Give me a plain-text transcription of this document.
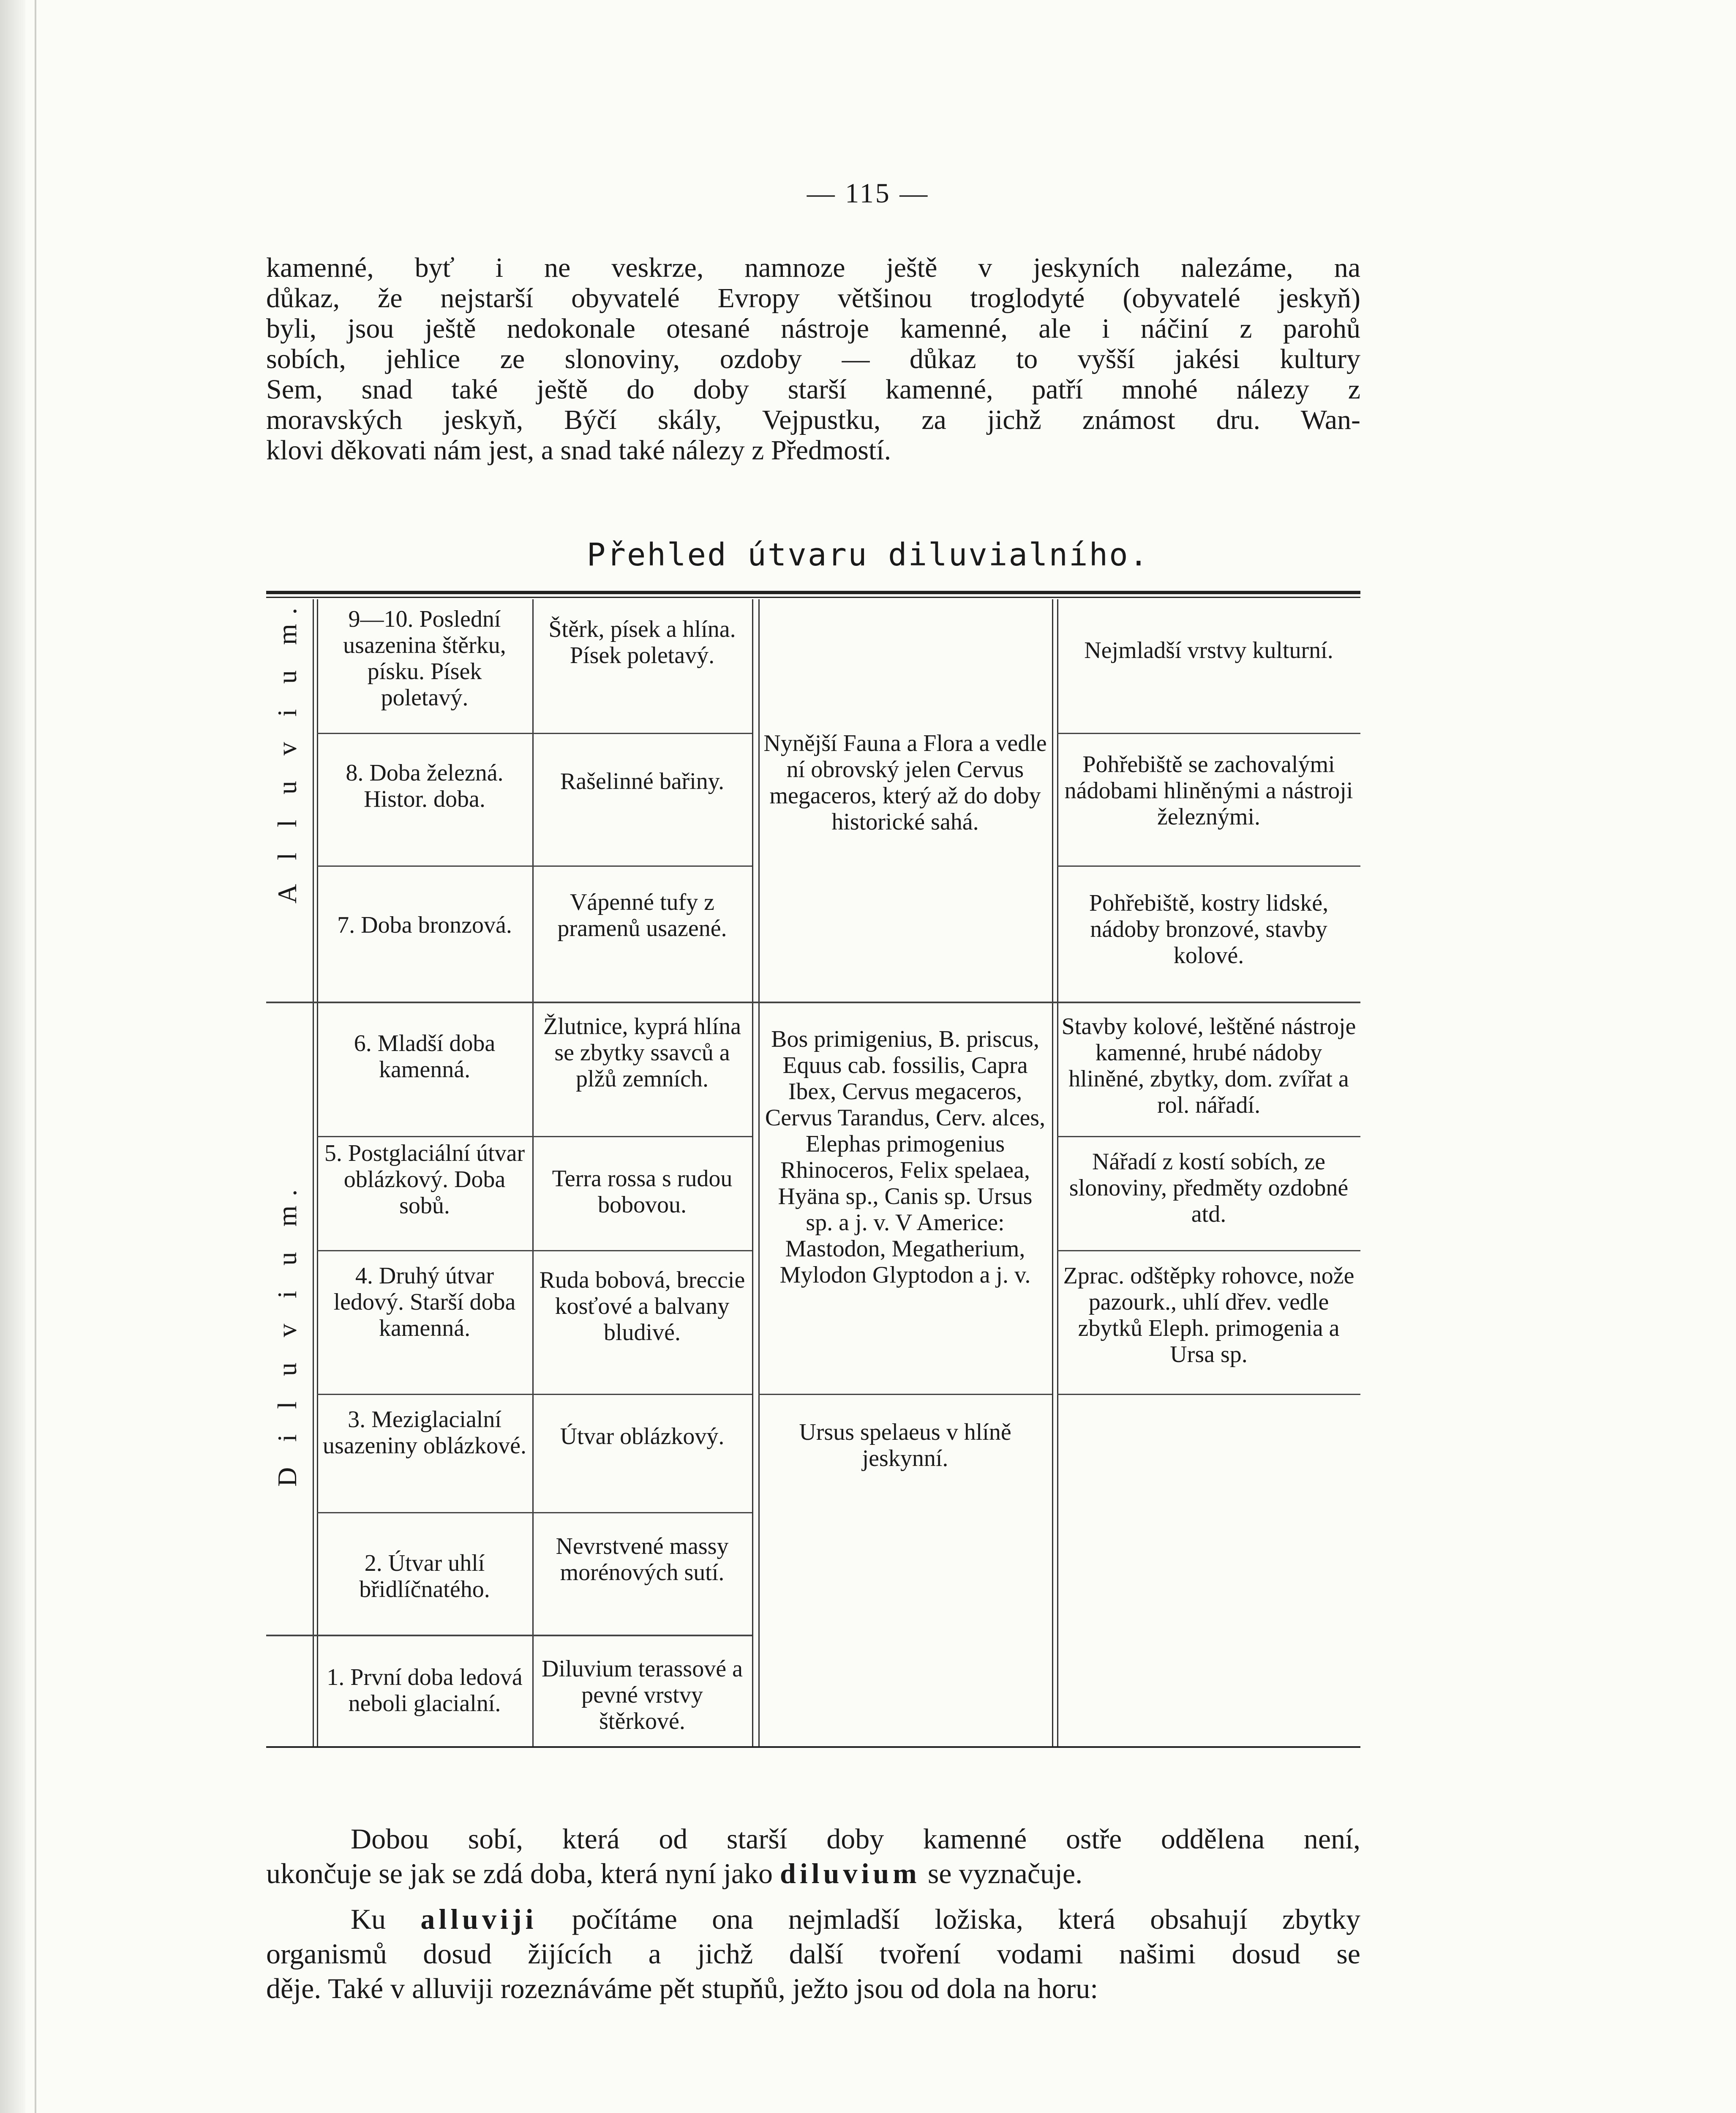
— 115 —
kamenné, byť i ne veskrze, namnoze ještě v jeskyních nalezáme, na
důkaz, že nejstarší obyvatelé Evropy většinou troglodyté (obyvatelé jeskyň)
byli, jsou ještě nedokonale otesané nástroje kamenné, ale i náčiní z parohů
sobích, jehlice ze slonoviny, ozdoby — důkaz to vyšší jakési kultury
Sem, snad také ještě do doby starší kamenné, patří mnohé nálezy z
moravských jeskyň, Býčí skály, Vejpustku, za jichž známost dru. Wan-
klovi děkovati nám jest, a snad také nálezy z Předmostí.
Přehled útvaru diluvialního.
A l l u v i u m.
D i l u v i u m.
9—10. Poslední usazenina štěrku, písku. Písek poletavý.
8. Doba železná. Histor. doba.
7. Doba bronzová.
6. Mladší doba kamenná.
5. Postglaciální útvar oblázkový. Doba sobů.
4. Druhý útvar ledový. Starší doba kamenná.
3. Meziglacialní usazeniny oblázkové.
2. Útvar uhlí břidlíčnatého.
1. První doba ledová neboli glacialní.
Štěrk, písek a hlína. Písek poletavý.
Rašelinné bařiny.
Vápenné tufy z pramenů usazené.
Žlutnice, kyprá hlína se zbytky ssavců a plžů zemních.
Terra rossa s rudou bobovou.
Ruda bobová, breccie kosťové a balvany bludivé.
Útvar oblázkový.
Nevrstvené massy morénových sutí.
Diluvium terassové a pevné vrstvy štěrkové.
Nynější Fauna a Flora a vedle ní obrovský jelen Cervus megaceros, který až do doby historické sahá.
Bos primigenius, B. priscus, Equus cab. fossilis, Capra Ibex, Cervus megaceros, Cervus Tarandus, Cerv. alces, Elephas primogenius Rhinoceros, Felix spelaea, Hyäna sp., Canis sp. Ursus sp. a j. v. V Americe: Mastodon, Megatherium, Mylodon Glyptodon a j. v.
Ursus spelaeus v hlíně jeskynní.
Nejmladší vrstvy kulturní.
Pohřebiště se zachovalými nádobami hliněnými a nástroji železnými.
Pohřebiště, kostry lidské, nádoby bronzové, stavby kolové.
Stavby kolové, leštěné nástroje kamenné, hrubé nádoby hliněné, zbytky, dom. zvířat a rol. nářadí.
Nářadí z kostí sobích, ze slonoviny, předměty ozdobné atd.
Zprac. odštěpky rohovce, nože pazourk., uhlí dřev. vedle zbytků Eleph. primogenia a Ursa sp.
Dobou sobí, která od starší doby kamenné ostře oddělena není,
ukončuje se jak se zdá doba, která nyní jako diluvium se vyznačuje.
Ku alluviji počítáme ona nejmladší ložiska, která obsahují zbytky
organismů dosud žijících a jichž další tvoření vodami našimi dosud se
děje. Také v alluviji rozeznáváme pět stupňů, ježto jsou od dola na horu:
